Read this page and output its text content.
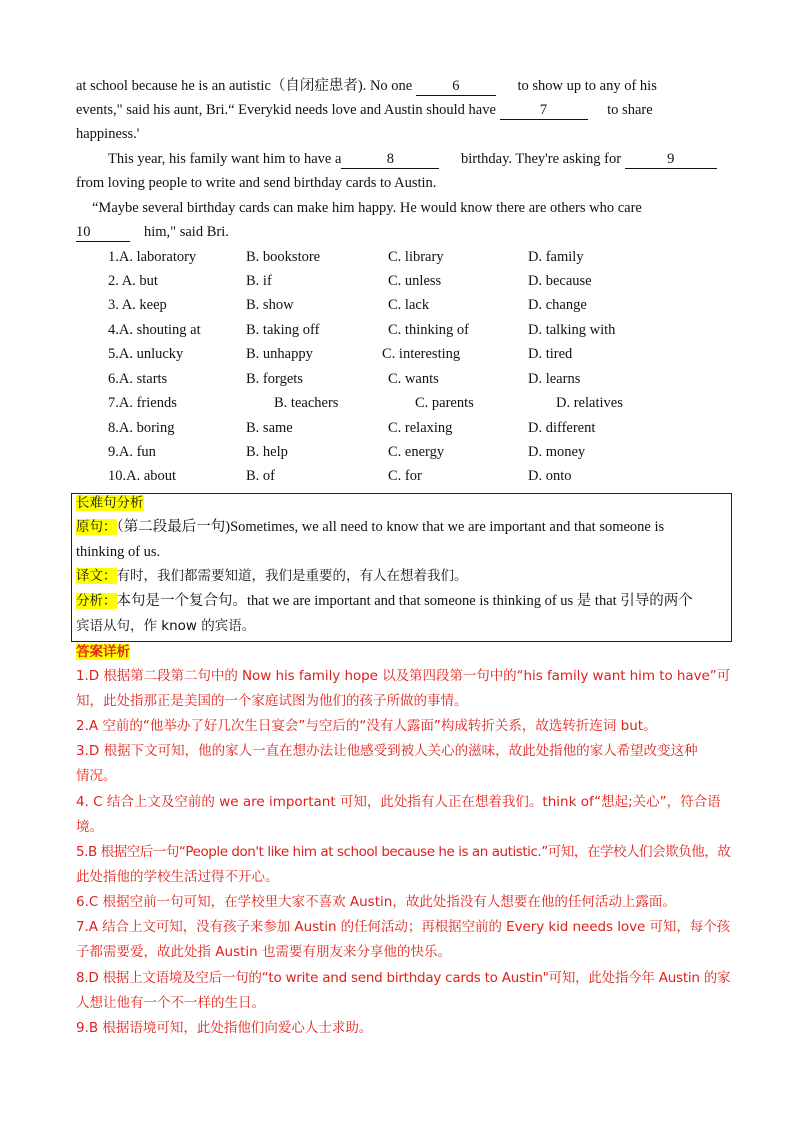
at school because he is an autistic（自闭症患者). No one	6	to show up to any of his
events," said his aunt, Bri.“ Everykid needs love and Austin should have	7	to share
happiness.'
This year, his family want him to have a	8	birthday. They're asking for	9
from loving people to write and send birthday cards to Austin.
“Maybe several birthday cards can make him happy. He would know there are others who care
10	him," said Bri.
1.A. laboratory	B. bookstore	C. library	D. family
2. A. but	B. if	C. unless	D. because
3. A. keep	B. show	C. lack	D. change
4.A. shouting at	B. taking off	C. thinking of	D. talking with
5.A. unlucky	B. unhappy	C. interesting	D. tired
6.A. starts	B. forgets	C. wants	D. learns
7.A. friends	B. teachers	C. parents	D. relatives
8.A. boring	B. same	C. relaxing	D. different
9.A. fun	B. help	C. energy	D. money
10.A. about	B. of	C. for	D. onto
长难句分析
原句：（第二段最后一句)Sometimes, we all need to know that we are important and that someone is
thinking of us.
译文：有时，我们都需要知道，我们是重要的，有人在想着我们。
分析：本句是一个复合句。that we are important and that someone is thinking of us 是 that 引导的两个
宾语从句，作 know 的宾语。
答案详析
1.D 根据第二段第二句中的 Now his family hope 以及第四段第一句中的“his family want him to have”可
知，此处指那正是美国的一个家庭试图为他们的孩子所做的事情。
2.A 空前的“他举办了好几次生日宴会”与空后的“没有人露面”构成转折关系，故选转折连词 but。
3.D 根据下文可知，他的家人一直在想办法让他感受到被人关心的滋味，故此处指他的家人希望改变这种
情况。
4. C 结合上文及空前的 we are important 可知，此处指有人正在想着我们。think of“想起;关心”，符合语
境。
5.B 根据空后一句“People don't like him at school because he is an autistic.”可知，在学校人们会欺负他，故
此处指他的学校生活过得不开心。
6.C 根据空前一句可知，在学校里大家不喜欢 Austin，故此处指没有人想要在他的任何活动上露面。
7.A 结合上文可知，没有孩子来参加 Austin 的任何活动；再根据空前的 Every kid needs love 可知，每个孩
子都需要爱，故此处指 Austin 也需要有朋友来分享他的快乐。
8.D 根据上文语境及空后一句的“to write and send birthday cards to Austin"可知，此处指今年 Austin 的家
人想让他有一个不一样的生日。
9.B 根据语境可知，此处指他们向爱心人士求助。
